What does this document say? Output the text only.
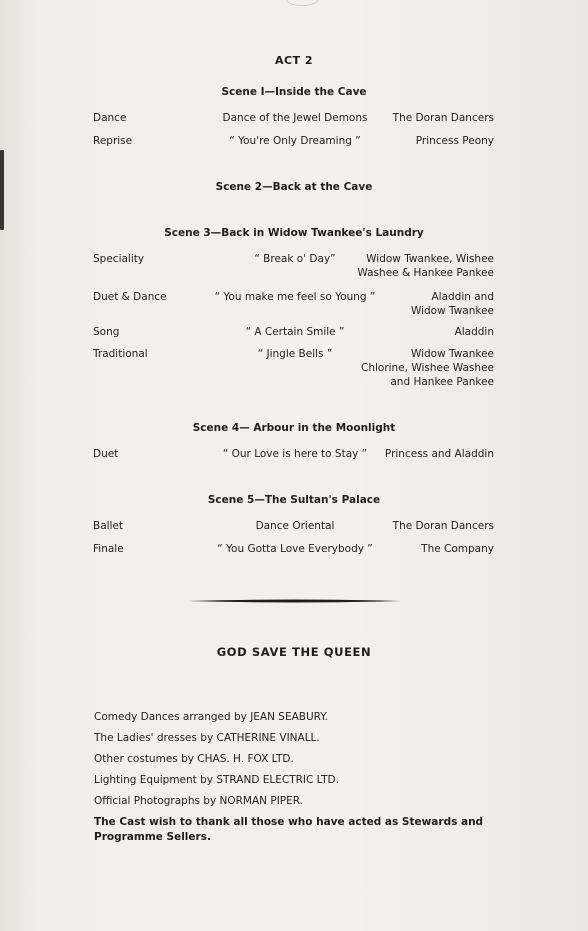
ACT 2
Scene I—Inside the Cave
Dance	Dance of the Jewel Demons	The Doran Dancers
Reprise	“ You're Only Dreaming ”	Princess Peony
Scene 2—Back at the Cave
Scene 3—Back in Widow Twankee's Laundry
Speciality	“ Break o' Day”	Widow Twankee, Wishee
Washee & Hankee Pankee
Duet & Dance	“ You make me feel so Young ”	Aladdin and
Widow Twankee
Song	“ A Certain Smile ”	Aladdin
Traditional	“ Jingle Bells ”	Widow Twankee
Chlorine, Wishee Washee
and Hankee Pankee
Scene 4— Arbour in the Moonlight
Duet	“ Our Love is here to Stay ”	Princess and Aladdin
Scene 5—The Sultan's Palace
Ballet	Dance Oriental	The Doran Dancers
Finale	“ You Gotta Love Everybody ”	The Company
GOD SAVE THE QUEEN
Comedy Dances arranged by JEAN SEABURY.
The Ladies' dresses by CATHERINE VINALL.
Other costumes by CHAS. H. FOX LTD.
Lighting Equipment by STRAND ELECTRIC LTD.
Official Photographs by NORMAN PIPER.
The Cast wish to thank all those who have acted as Stewards and Programme Sellers.
